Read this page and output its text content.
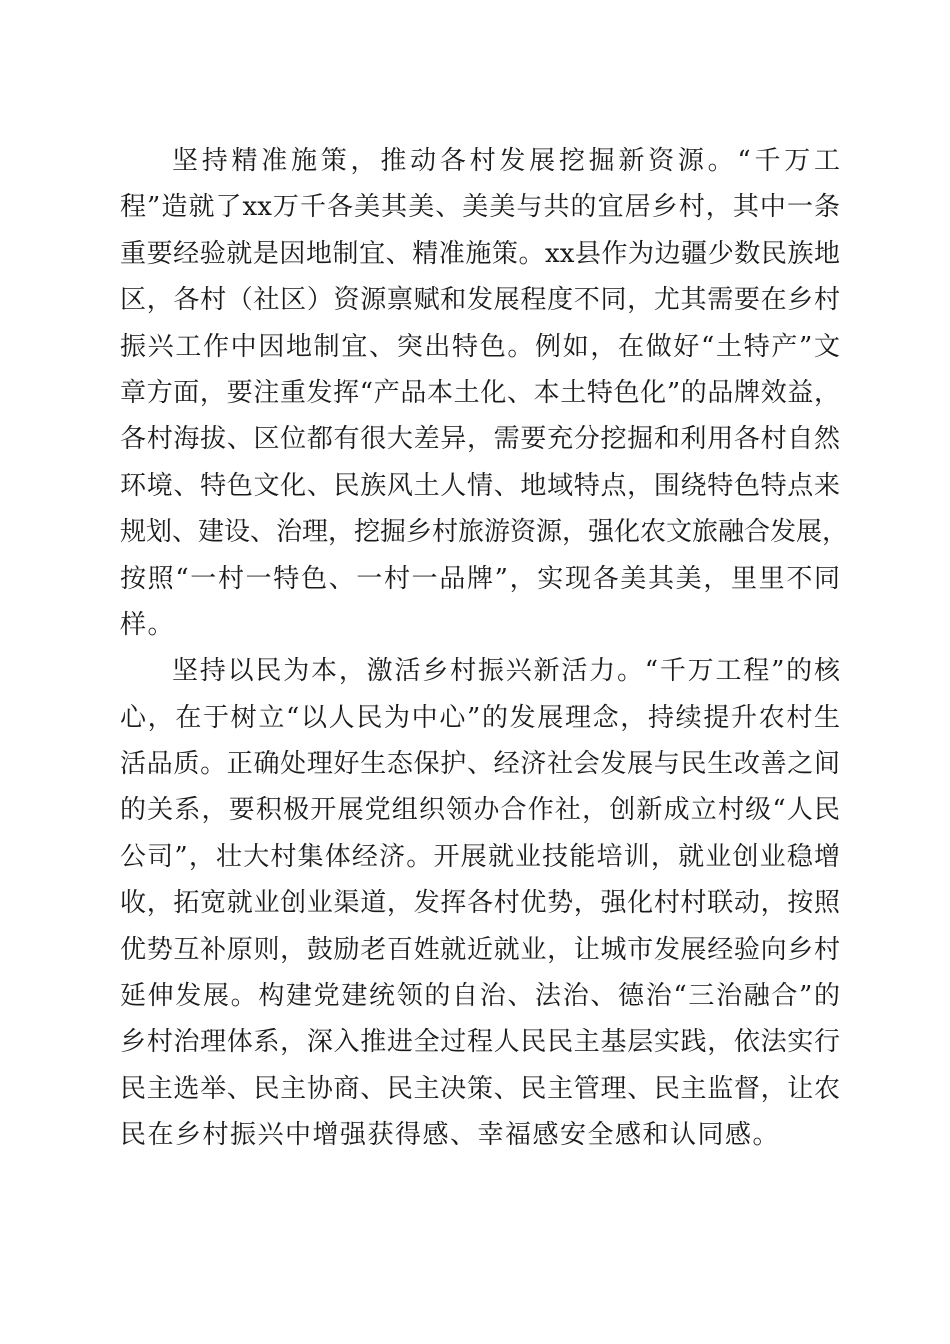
坚持精准施策，推动各村发展挖掘新资源。“千万工
程”造就了xx万千各美其美、美美与共的宜居乡村，其中一条
重要经验就是因地制宜、精准施策。xx县作为边疆少数民族地
区，各村（社区）资源禀赋和发展程度不同，尤其需要在乡村
振兴工作中因地制宜、突出特色。例如，在做好“土特产”文
章方面，要注重发挥“产品本土化、本土特色化”的品牌效益，
各村海拔、区位都有很大差异，需要充分挖掘和利用各村自然
环境、特色文化、民族风土人情、地域特点，围绕特色特点来
规划、建设、治理，挖掘乡村旅游资源，强化农文旅融合发展，
按照“一村一特色、一村一品牌”，实现各美其美，里里不同
样。
坚持以民为本，激活乡村振兴新活力。“千万工程”的核
心，在于树立“以人民为中心”的发展理念，持续提升农村生
活品质。正确处理好生态保护、经济社会发展与民生改善之间
的关系，要积极开展党组织领办合作社，创新成立村级“人民
公司”，壮大村集体经济。开展就业技能培训，就业创业稳增
收，拓宽就业创业渠道，发挥各村优势，强化村村联动，按照
优势互补原则，鼓励老百姓就近就业，让城市发展经验向乡村
延伸发展。构建党建统领的自治、法治、德治“三治融合”的
乡村治理体系，深入推进全过程人民民主基层实践，依法实行
民主选举、民主协商、民主决策、民主管理、民主监督，让农
民在乡村振兴中增强获得感、幸福感安全感和认同感。
